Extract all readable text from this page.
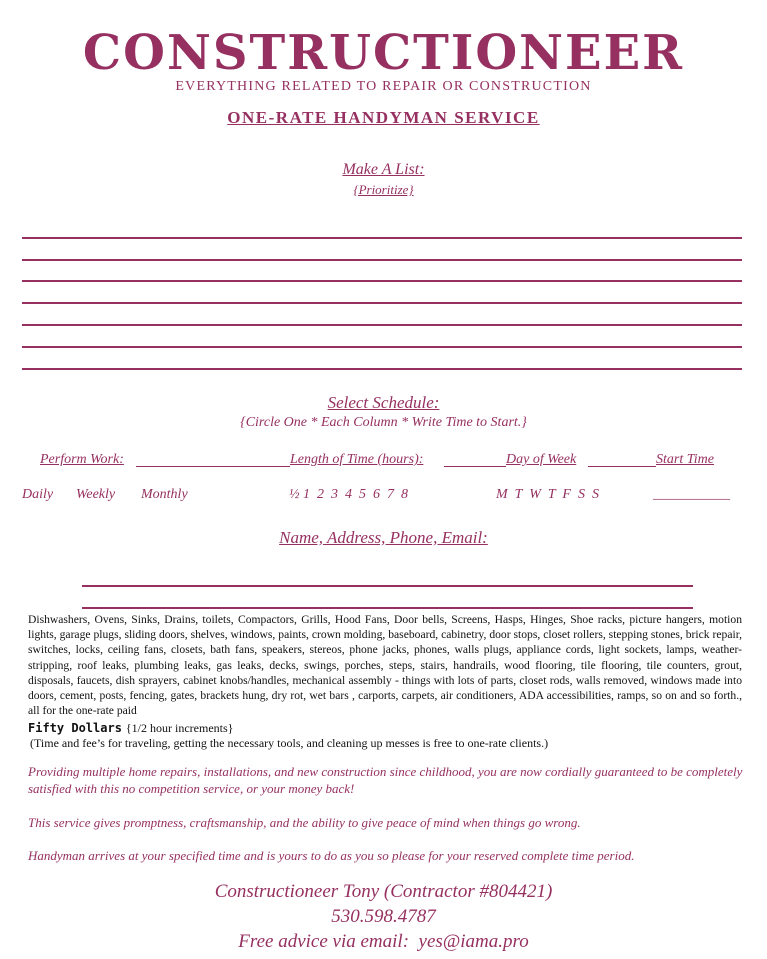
CONSTRUCTIONEER
EVERYTHING RELATED TO REPAIR OR CONSTRUCTION
ONE-RATE HANDYMAN SERVICE
Make A List:
{Prioritize}
Select Schedule:
{Circle One * Each Column * Write Time to Start.}
Perform Work:	Length of Time (hours):	Day of Week	Start Time
Daily Weekly Monthly	½ 1  2  3  4  5  6  7  8	M  T  W  T  F  S  S	___________
Name, Address, Phone, Email:
Dishwashers, Ovens, Sinks, Drains, toilets, Compactors, Grills, Hood Fans, Door bells, Screens, Hasps, Hinges, Shoe racks, picture hangers, motion lights, garage plugs, sliding doors, shelves, windows, paints, crown molding, baseboard, cabinetry, door stops, closet rollers, stepping stones, brick repair, switches, locks, ceiling fans, closets, bath fans, speakers, stereos, phone jacks, phones, walls plugs, appliance cords, light sockets, lamps, weather-stripping, roof leaks, plumbing leaks, gas leaks, decks, swings, porches, steps, stairs, handrails, wood flooring, tile flooring, tile counters, grout, disposals, faucets, dish sprayers, cabinet knobs/handles, mechanical assembly - things with lots of parts, closet rods, walls removed, windows made into doors, cement, posts, fencing, gates, brackets hung, dry rot, wet bars , carports, carpets, air conditioners, ADA accessibilities, ramps, so on and so forth., all for the one-rate paid
Fifty Dollars {1/2 hour increments}
(Time and fee’s for traveling, getting the necessary tools, and cleaning up messes is free to one-rate clients.)
Providing multiple home repairs, installations, and new construction since childhood, you are now cordially guaranteed to be completely satisfied with this no competition service, or your money back!
This service gives promptness, craftsmanship, and the ability to give peace of mind when things go wrong.
Handyman arrives at your specified time and is yours to do as you so please for your reserved complete time period.
Constructioneer Tony (Contractor #804421)
530.598.4787
Free advice via email: yes@iama.pro
